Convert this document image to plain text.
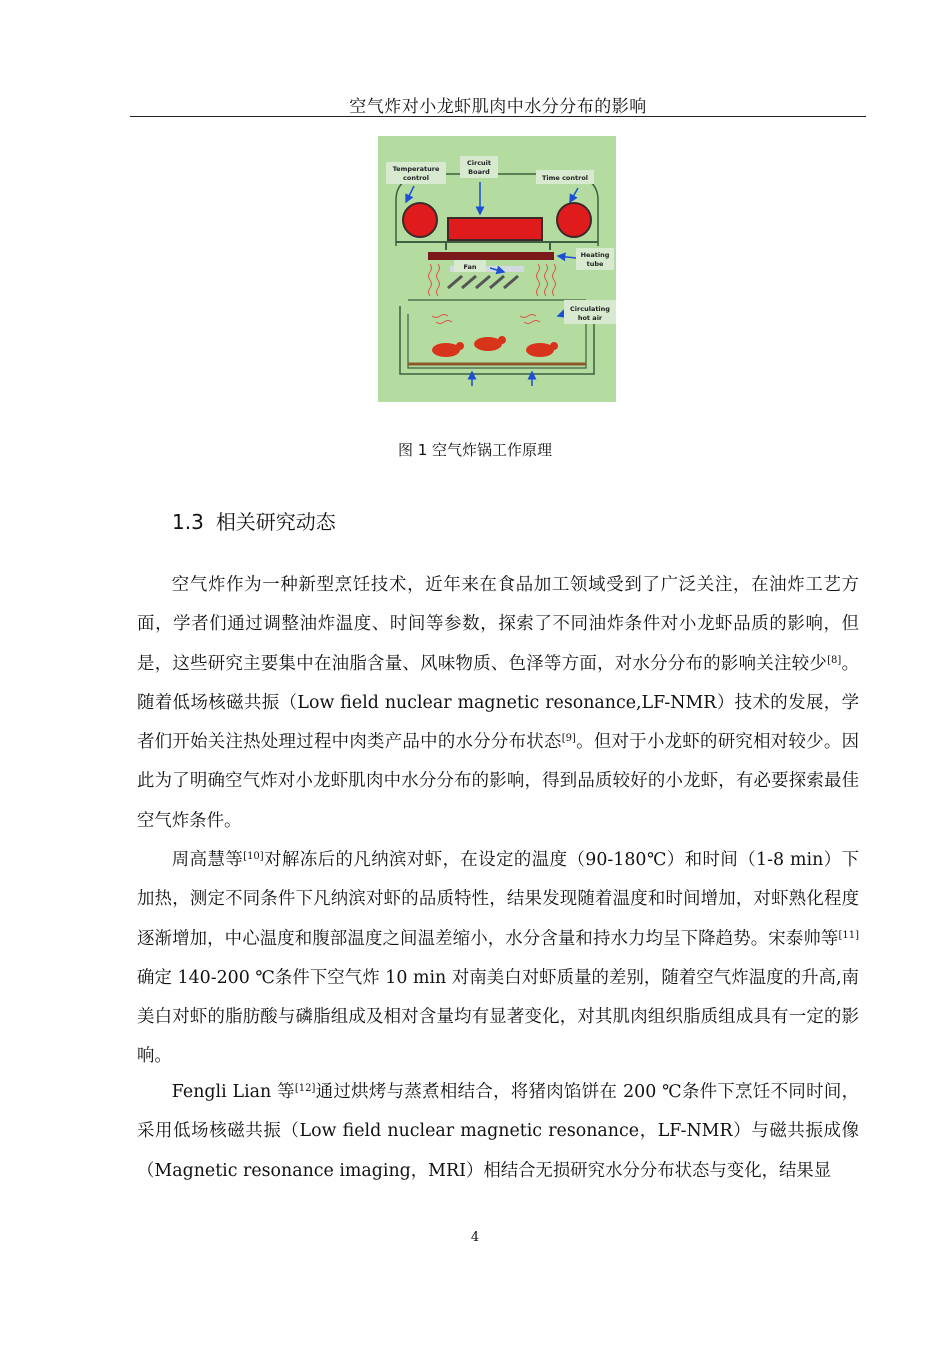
空气炸对小龙虾肌肉中水分分布的影响
Temperature
control
Circuit
Board
Time control
Heating
tube
Fan
Circulating
hot air
图 1 空气炸锅工作原理
1.3 相关研究动态

空气炸作为一种新型烹饪技术，近年来在食品加工领域受到了广泛关注，在油炸工艺方面，学者们通过调整油炸温度、时间等参数，探索了不同油炸条件对小龙虾品质的影响，但是，这些研究主要集中在油脂含量、风味物质、色泽等方面，对水分分布的影响关注较少[8]。随着低场核磁共振（Low field nuclear magnetic resonance,LF-NMR）技术的发展，学者们开始关注热处理过程中肉类产品中的水分分布状态[9]。但对于小龙虾的研究相对较少。因此为了明确空气炸对小龙虾肌肉中水分分布的影响，得到品质较好的小龙虾，有必要探索最佳空气炸条件。

周高慧等[10]对解冻后的凡纳滨对虾，在设定的温度（90-180℃）和时间（1-8 min）下加热，测定不同条件下凡纳滨对虾的品质特性，结果发现随着温度和时间增加，对虾熟化程度逐渐增加，中心温度和腹部温度之间温差缩小，水分含量和持水力均呈下降趋势。宋泰帅等[11]确定 140-200 ℃条件下空气炸 10 min 对南美白对虾质量的差别，随着空气炸温度的升高,南美白对虾的脂肪酸与磷脂组成及相对含量均有显著变化，对其肌肉组织脂质组成具有一定的影响。

Fengli Lian 等[12]通过烘烤与蒸煮相结合，将猪肉馅饼在 200 ℃条件下烹饪不同时间，采用低场核磁共振（Low field nuclear magnetic resonance，LF-NMR）与磁共振成像（Magnetic resonance imaging，MRI）相结合无损研究水分分布状态与变化，结果显

4
